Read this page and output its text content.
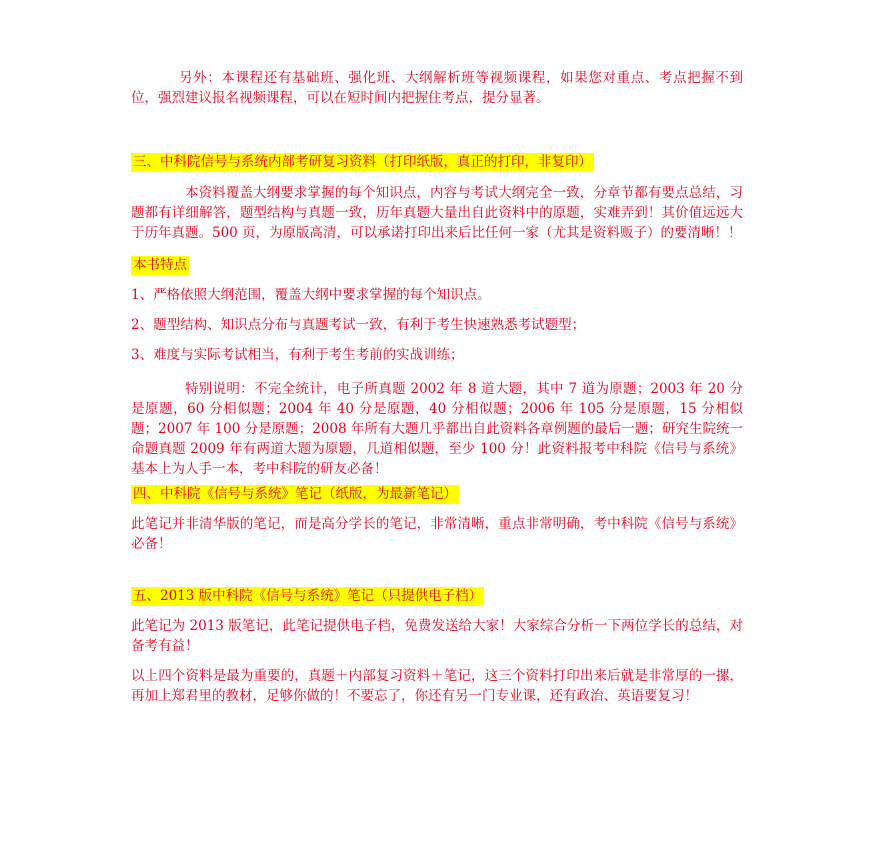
另外：本课程还有基础班、强化班、大纲解析班等视频课程，如果您对重点、考点把握不到位，强烈建议报名视频课程，可以在短时间内把握住考点，提分显著。

三、中科院信号与系统内部考研复习资料（打印纸版，真正的打印，非复印）

本资料覆盖大纲要求掌握的每个知识点，内容与考试大纲完全一致，分章节都有要点总结，习题都有详细解答，题型结构与真题一致，历年真题大量出自此资料中的原题，实难弄到！其价值远远大于历年真题。500 页，为原版高清，可以承诺打印出来后比任何一家（尤其是资料贩子）的要清晰！！

本书特点

1、严格依照大纲范围，覆盖大纲中要求掌握的每个知识点。

2、题型结构、知识点分布与真题考试一致，有利于考生快速熟悉考试题型；

3、难度与实际考试相当，有利于考生考前的实战训练；

特别说明：不完全统计，电子所真题 2002 年 8 道大题，其中 7 道为原题；2003 年 20 分是原题，60 分相似题；2004 年 40 分是原题，40 分相似题；2006 年 105 分是原题，15 分相似题；2007 年 100 分是原题；2008 年所有大题几乎都出自此资料各章例题的最后一题；研究生院统一命题真题 2009 年有两道大题为原题，几道相似题，至少 100 分！此资料报考中科院《信号与系统》基本上为人手一本，考中科院的研友必备！

四、中科院《信号与系统》笔记（纸版，为最新笔记）

此笔记并非清华版的笔记，而是高分学长的笔记，非常清晰，重点非常明确，考中科院《信号与系统》必备！

五、2013 版中科院《信号与系统》笔记（只提供电子档）

此笔记为 2013 版笔记，此笔记提供电子档，免费发送给大家！大家综合分析一下两位学长的总结，对备考有益！

以上四个资料是最为重要的，真题＋内部复习资料＋笔记，这三个资料打印出来后就是非常厚的一摞，再加上郑君里的教材，足够你做的！不要忘了，你还有另一门专业课，还有政治、英语要复习！
